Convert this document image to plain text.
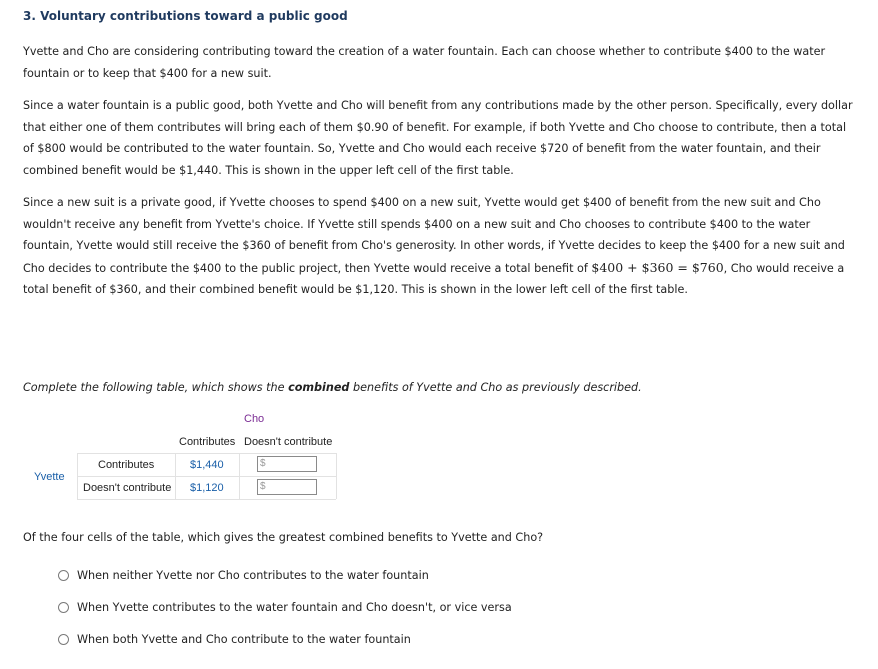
3. Voluntary contributions toward a public good

Yvette and Cho are considering contributing toward the creation of a water fountain. Each can choose whether to contribute $400 to the water fountain or to keep that $400 for a new suit.

Since a water fountain is a public good, both Yvette and Cho will benefit from any contributions made by the other person. Specifically, every dollar that either one of them contributes will bring each of them $0.90 of benefit. For example, if both Yvette and Cho choose to contribute, then a total of $800 would be contributed to the water fountain. So, Yvette and Cho would each receive $720 of benefit from the water fountain, and their combined benefit would be $1,440. This is shown in the upper left cell of the first table.

Since a new suit is a private good, if Yvette chooses to spend $400 on a new suit, Yvette would get $400 of benefit from the new suit and Cho wouldn't receive any benefit from Yvette's choice. If Yvette still spends $400 on a new suit and Cho chooses to contribute $400 to the water fountain, Yvette would still receive the $360 of benefit from Cho's generosity. In other words, if Yvette decides to keep the $400 for a new suit and Cho decides to contribute the $400 to the public project, then Yvette would receive a total benefit of $400 + $360 = $760, Cho would receive a total benefit of $360, and their combined benefit would be $1,120. This is shown in the lower left cell of the first table.

Complete the following table, which shows the combined benefits of Yvette and Cho as previously described.
Cho
Yvette
Contributes Doesn't contribute
Contributes
Doesn't contribute
$1,440
$1,120
$
$
Of the four cells of the table, which gives the greatest combined benefits to Yvette and Cho?
When neither Yvette nor Cho contributes to the water fountain
When Yvette contributes to the water fountain and Cho doesn't, or vice versa
When both Yvette and Cho contribute to the water fountain
